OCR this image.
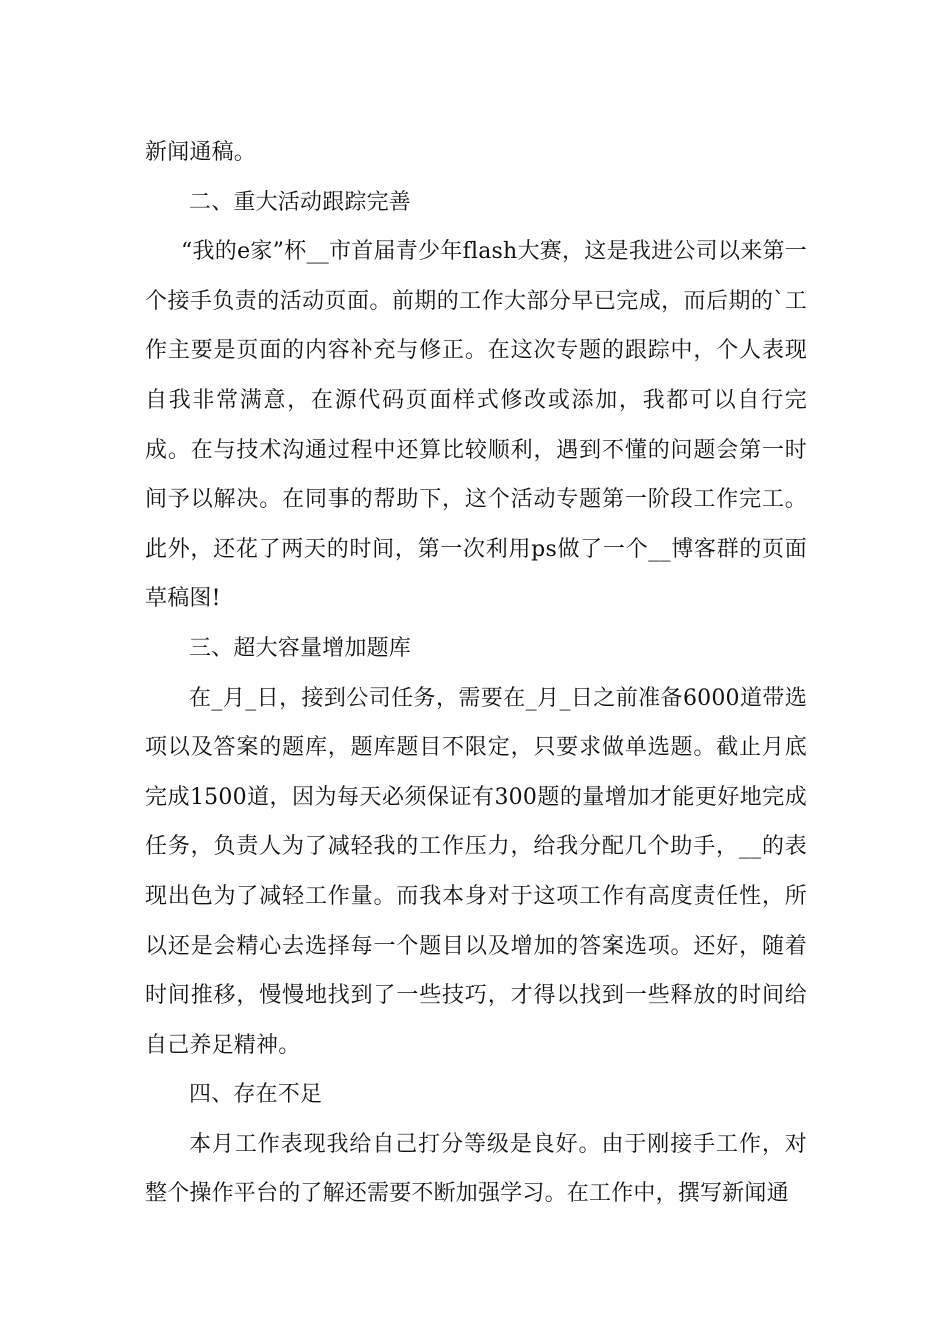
新闻通稿。

二、重大活动跟踪完善

“我的e家”杯__市首届青少年flash大赛，这是我进公司以来第一个接手负责的活动页面。前期的工作大部分早已完成，而后期的`工作主要是页面的内容补充与修正。在这次专题的跟踪中，个人表现自我非常满意，在源代码页面样式修改或添加，我都可以自行完成。在与技术沟通过程中还算比较顺利，遇到不懂的问题会第一时间予以解决。在同事的帮助下，这个活动专题第一阶段工作完工。此外，还花了两天的时间，第一次利用ps做了一个__博客群的页面草稿图!

三、超大容量增加题库

在_月_日，接到公司任务，需要在_月_日之前准备6000道带选项以及答案的题库，题库题目不限定，只要求做单选题。截止月底完成1500道，因为每天必须保证有300题的量增加才能更好地完成任务，负责人为了减轻我的工作压力，给我分配几个助手，__的表现出色为了减轻工作量。而我本身对于这项工作有高度责任性，所以还是会精心去选择每一个题目以及增加的答案选项。还好，随着时间推移，慢慢地找到了一些技巧，才得以找到一些释放的时间给自己养足精神。

四、存在不足

本月工作表现我给自己打分等级是良好。由于刚接手工作，对整个操作平台的了解还需要不断加强学习。在工作中，撰写新闻通
